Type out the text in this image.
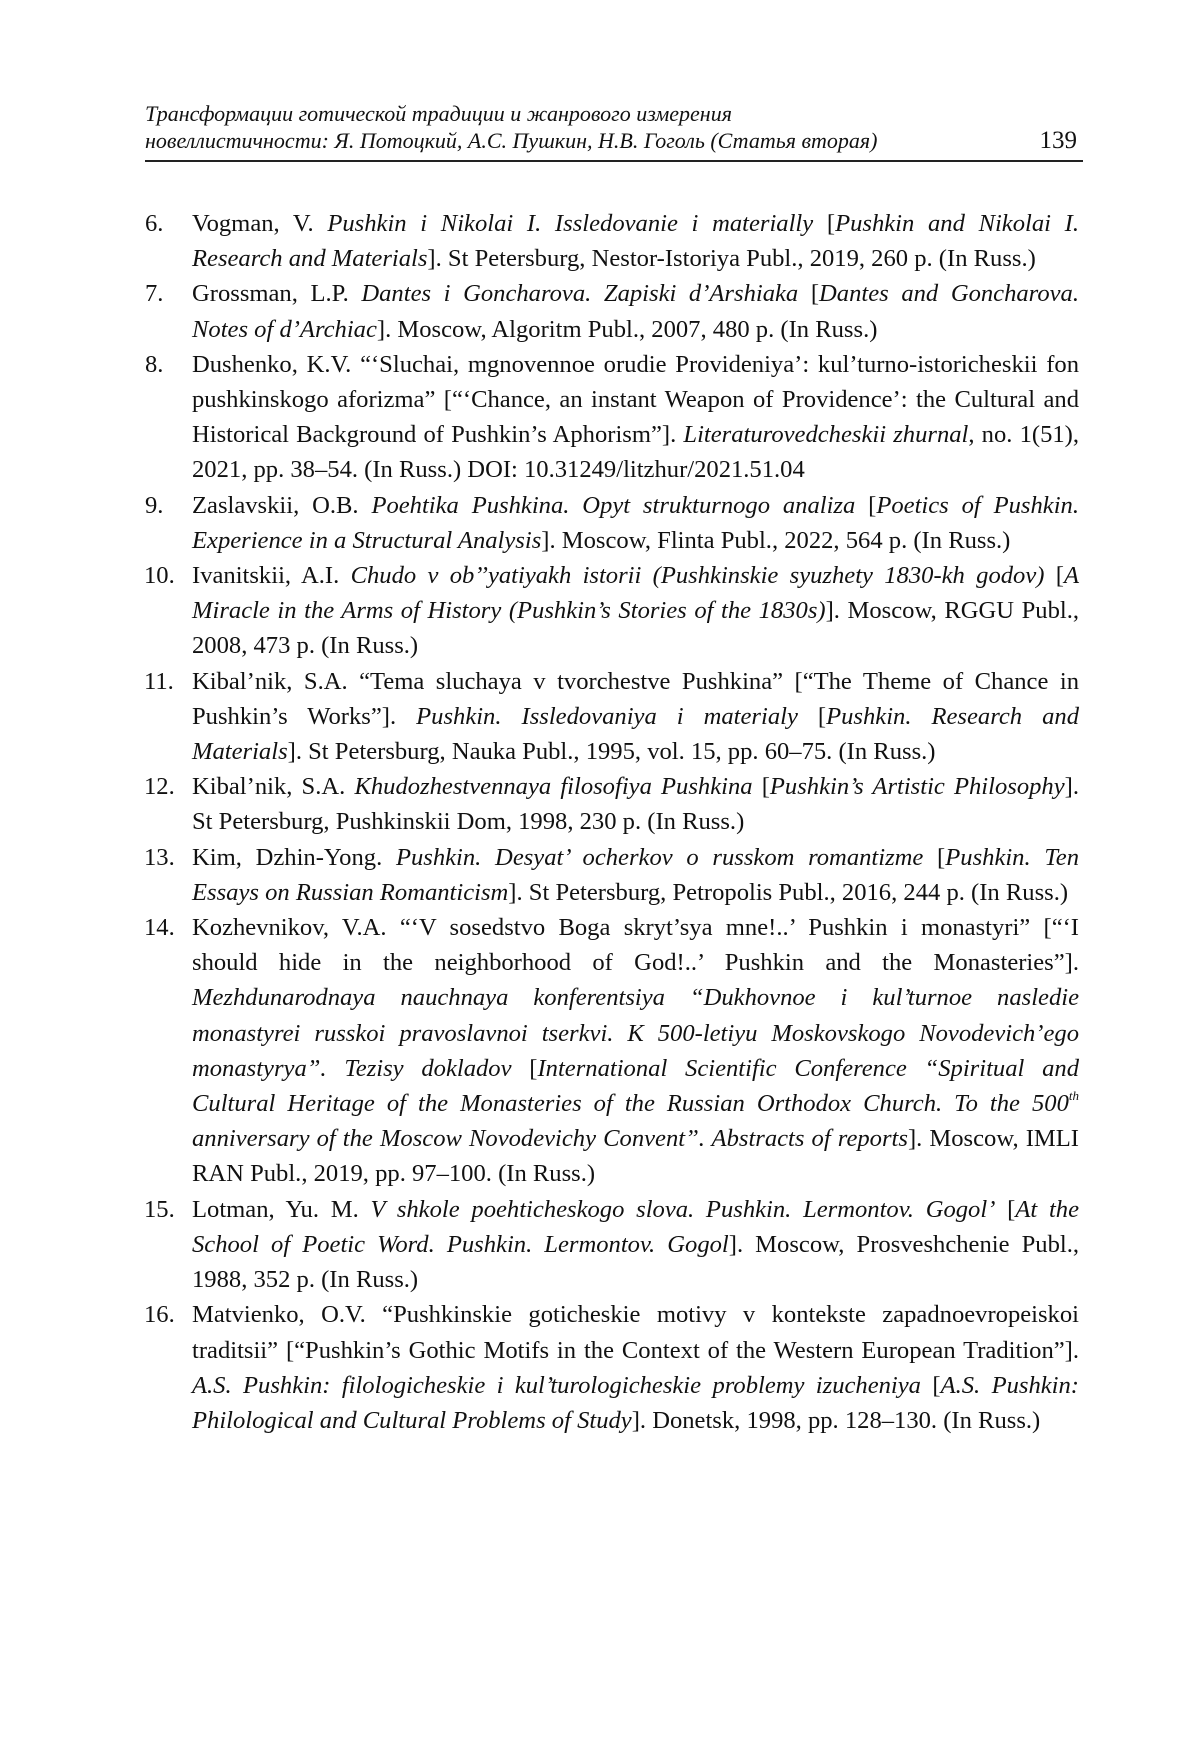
Трансформации готической традиции и жанрового измерения
новеллистичности: Я. Потоцкий, А.С. Пушкин, Н.В. Гоголь (Статья вторая)	139
6. Vogman, V. Pushkin i Nikolai I. Issledovanie i materially [Pushkin and Nikolai I. Research and Materials]. St Petersburg, Nestor-Istoriya Publ., 2019, 260 p. (In Russ.)
7. Grossman, L.P. Dantes i Goncharova. Zapiski d’Arshiaka [Dantes and Goncharova. Notes of d’Archiac]. Moscow, Algoritm Publ., 2007, 480 p. (In Russ.)
8. Dushenko, K.V. “‘Sluchai, mgnovennoe orudie Provideniya’: kul’turno-istoricheskii fon pushkinskogo aforizma” [“‘Chance, an instant Weapon of Providence’: the Cultural and Historical Background of Pushkin’s Aphorism”]. Literaturovedcheskii zhurnal, no. 1(51), 2021, pp. 38–54. (In Russ.) DOI: 10.31249/litzhur/2021.51.04
9. Zaslavskii, O.B. Poehtika Pushkina. Opyt strukturnogo analiza [Poetics of Pushkin. Experience in a Structural Analysis]. Moscow, Flinta Publ., 2022, 564 p. (In Russ.)
10. Ivanitskii, A.I. Chudo v ob’’yatiyakh istorii (Pushkinskie syuzhety 1830-kh godov) [A Miracle in the Arms of History (Pushkin’s Stories of the 1830s)]. Moscow, RGGU Publ., 2008, 473 p. (In Russ.)
11. Kibal’nik, S.A. “Tema sluchaya v tvorchestve Pushkina” [“The Theme of Chance in Pushkin’s Works”]. Pushkin. Issledovaniya i materialy [Pushkin. Research and Materials]. St Petersburg, Nauka Publ., 1995, vol. 15, pp. 60–75. (In Russ.)
12. Kibal’nik, S.A. Khudozhestvennaya filosofiya Pushkina [Pushkin’s Artistic Philosophy]. St Petersburg, Pushkinskii Dom, 1998, 230 p. (In Russ.)
13. Kim, Dzhin-Yong. Pushkin. Desyat’ ocherkov o russkom romantizme [Pushkin. Ten Essays on Russian Romanticism]. St Petersburg, Petropolis Publ., 2016, 244 p. (In Russ.)
14. Kozhevnikov, V.A. “‘V sosedstvo Boga skryt’sya mne!..’ Pushkin i monastyri” [“‘I should hide in the neighborhood of God!..’ Pushkin and the Monasteries”]. Mezhdunarodnaya nauchnaya konferentsiya “Dukhovnoe i kul’turnoe nasledie monastyrei russkoi pravoslavnoi tserkvi. K 500-letiyu Moskovskogo Novodevich’ego monastyrya”. Tezisy dokladov [International Scientific Conference “Spiritual and Cultural Heritage of the Monasteries of the Russian Orthodox Church. To the 500th anniversary of the Moscow Novodevichy Convent”. Abstracts of reports]. Moscow, IMLI RAN Publ., 2019, pp. 97–100. (In Russ.)
15. Lotman, Yu. M. V shkole poehticheskogo slova. Pushkin. Lermontov. Gogol’ [At the School of Poetic Word. Pushkin. Lermontov. Gogol]. Moscow, Prosveshchenie Publ., 1988, 352 p. (In Russ.)
16. Matvienko, O.V. “Pushkinskie goticheskie motivy v kontekste zapadnoevropeiskoi traditsii” [“Pushkin’s Gothic Motifs in the Context of the Western European Tradition”]. A.S. Pushkin: filologicheskie i kul’turologicheskie problemy izucheniya [A.S. Pushkin: Philological and Cultural Problems of Study]. Donetsk, 1998, pp. 128–130. (In Russ.)
